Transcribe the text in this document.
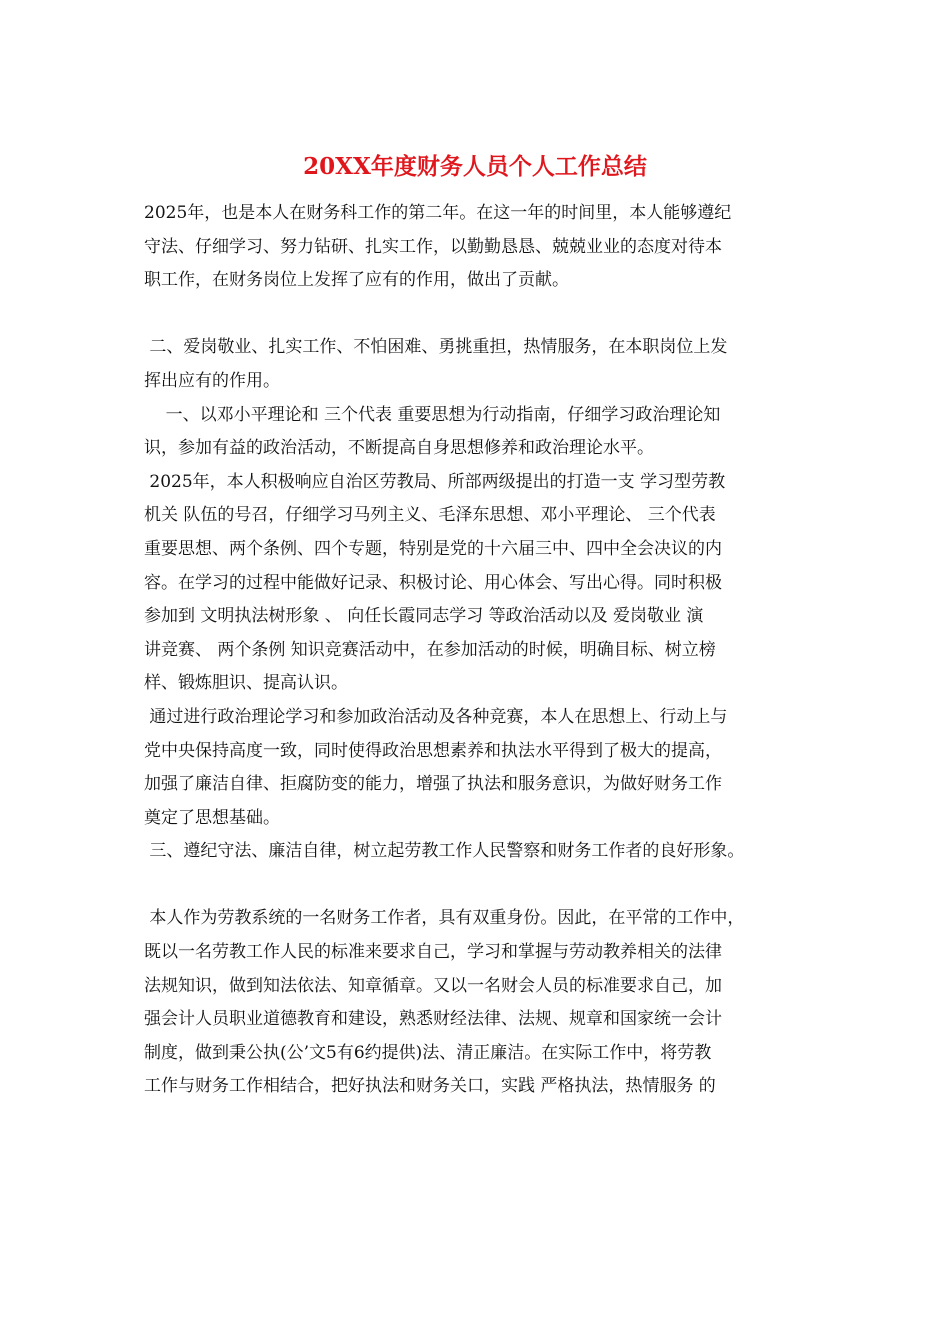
20XX年度财务人员个人工作总结
2025年，也是本人在财务科工作的第二年。在这一年的时间里，本人能够遵纪
守法、仔细学习、努力钻研、扎实工作，以勤勤恳恳、兢兢业业的态度对待本
职工作，在财务岗位上发挥了应有的作用，做出了贡献。
二、爱岗敬业、扎实工作、不怕困难、勇挑重担，热情服务，在本职岗位上发
挥出应有的作用。
一、以邓小平理论和 三个代表 重要思想为行动指南，仔细学习政治理论知
识，参加有益的政治活动，不断提高自身思想修养和政治理论水平。
2025年，本人积极响应自治区劳教局、所部两级提出的打造一支 学习型劳教
机关 队伍的号召，仔细学习马列主义、毛泽东思想、邓小平理论、 三个代表
重要思想、两个条例、四个专题，特别是党的十六届三中、四中全会决议的内
容。在学习的过程中能做好记录、积极讨论、用心体会、写出心得。同时积极
参加到 文明执法树形象 、 向任长霞同志学习 等政治活动以及 爱岗敬业 演
讲竞赛、 两个条例 知识竞赛活动中，在参加活动的时候，明确目标、树立榜
样、锻炼胆识、提高认识。
通过进行政治理论学习和参加政治活动及各种竞赛，本人在思想上、行动上与
党中央保持高度一致，同时使得政治思想素养和执法水平得到了极大的提高，
加强了廉洁自律、拒腐防变的能力，增强了执法和服务意识，为做好财务工作
奠定了思想基础。
三、遵纪守法、廉洁自律，树立起劳教工作人民警察和财务工作者的良好形象。
本人作为劳教系统的一名财务工作者，具有双重身份。因此，在平常的工作中，
既以一名劳教工作人民的标准来要求自己，学习和掌握与劳动教养相关的法律
法规知识，做到知法依法、知章循章。又以一名财会人员的标准要求自己，加
强会计人员职业道德教育和建设，熟悉财经法律、法规、规章和国家统一会计
制度，做到秉公执(公’文5有6约提供)法、清正廉洁。在实际工作中，将劳教
工作与财务工作相结合，把好执法和财务关口，实践 严格执法，热情服务 的
